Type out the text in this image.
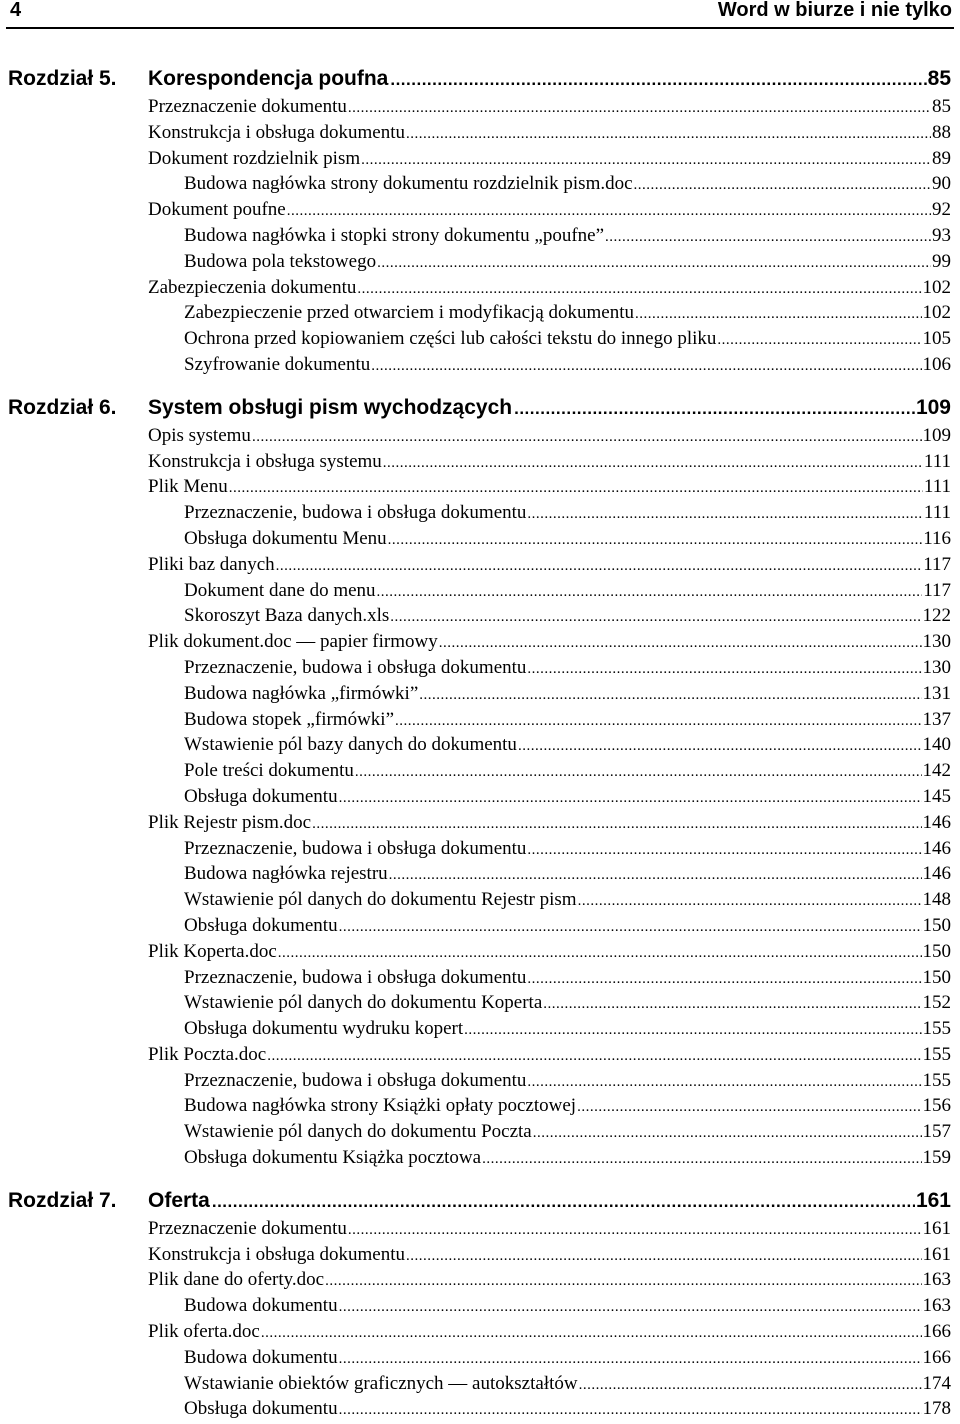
4	Word w biurze i nie tylko
Rozdział 5.	Korespondencja poufna .....	85
Przeznaczenie dokumentu .....	85
Konstrukcja i obsługa dokumentu .....	88
Dokument rozdzielnik pism .....	89
Budowa nagłówka strony dokumentu rozdzielnik pism.doc .....	90
Dokument poufne .....	92
Budowa nagłówka i stopki strony dokumentu „poufne” .....	93
Budowa pola tekstowego .....	99
Zabezpieczenia dokumentu .....	102
Zabezpieczenie przed otwarciem i modyfikacją dokumentu .....	102
Ochrona przed kopiowaniem części lub całości tekstu do innego pliku .....	105
Szyfrowanie dokumentu .....	106
Rozdział 6.	System obsługi pism wychodzących .....	109
Opis systemu .....	109
Konstrukcja i obsługa systemu .....	111
Plik Menu .....	111
Przeznaczenie, budowa i obsługa dokumentu .....	111
Obsługa dokumentu Menu .....	116
Pliki baz danych .....	117
Dokument dane do menu .....	117
Skoroszyt Baza danych.xls .....	122
Plik dokument.doc — papier firmowy .....	130
Przeznaczenie, budowa i obsługa dokumentu .....	130
Budowa nagłówka „firmówki” .....	131
Budowa stopek „firmówki” .....	137
Wstawienie pól bazy danych do dokumentu .....	140
Pole treści dokumentu .....	142
Obsługa dokumentu .....	145
Plik Rejestr pism.doc .....	146
Przeznaczenie, budowa i obsługa dokumentu .....	146
Budowa nagłówka rejestru .....	146
Wstawienie pól danych do dokumentu Rejestr pism .....	148
Obsługa dokumentu .....	150
Plik Koperta.doc .....	150
Przeznaczenie, budowa i obsługa dokumentu .....	150
Wstawienie pól danych do dokumentu Koperta .....	152
Obsługa dokumentu wydruku kopert .....	155
Plik Poczta.doc .....	155
Przeznaczenie, budowa i obsługa dokumentu .....	155
Budowa nagłówka strony Książki opłaty pocztowej .....	156
Wstawienie pól danych do dokumentu Poczta .....	157
Obsługa dokumentu Książka pocztowa .....	159
Rozdział 7.	Oferta .....	161
Przeznaczenie dokumentu .....	161
Konstrukcja i obsługa dokumentu .....	161
Plik dane do oferty.doc .....	163
Budowa dokumentu .....	163
Plik oferta.doc .....	166
Budowa dokumentu .....	166
Wstawianie obiektów graficznych — autokształtów .....	174
Obsługa dokumentu .....	178
